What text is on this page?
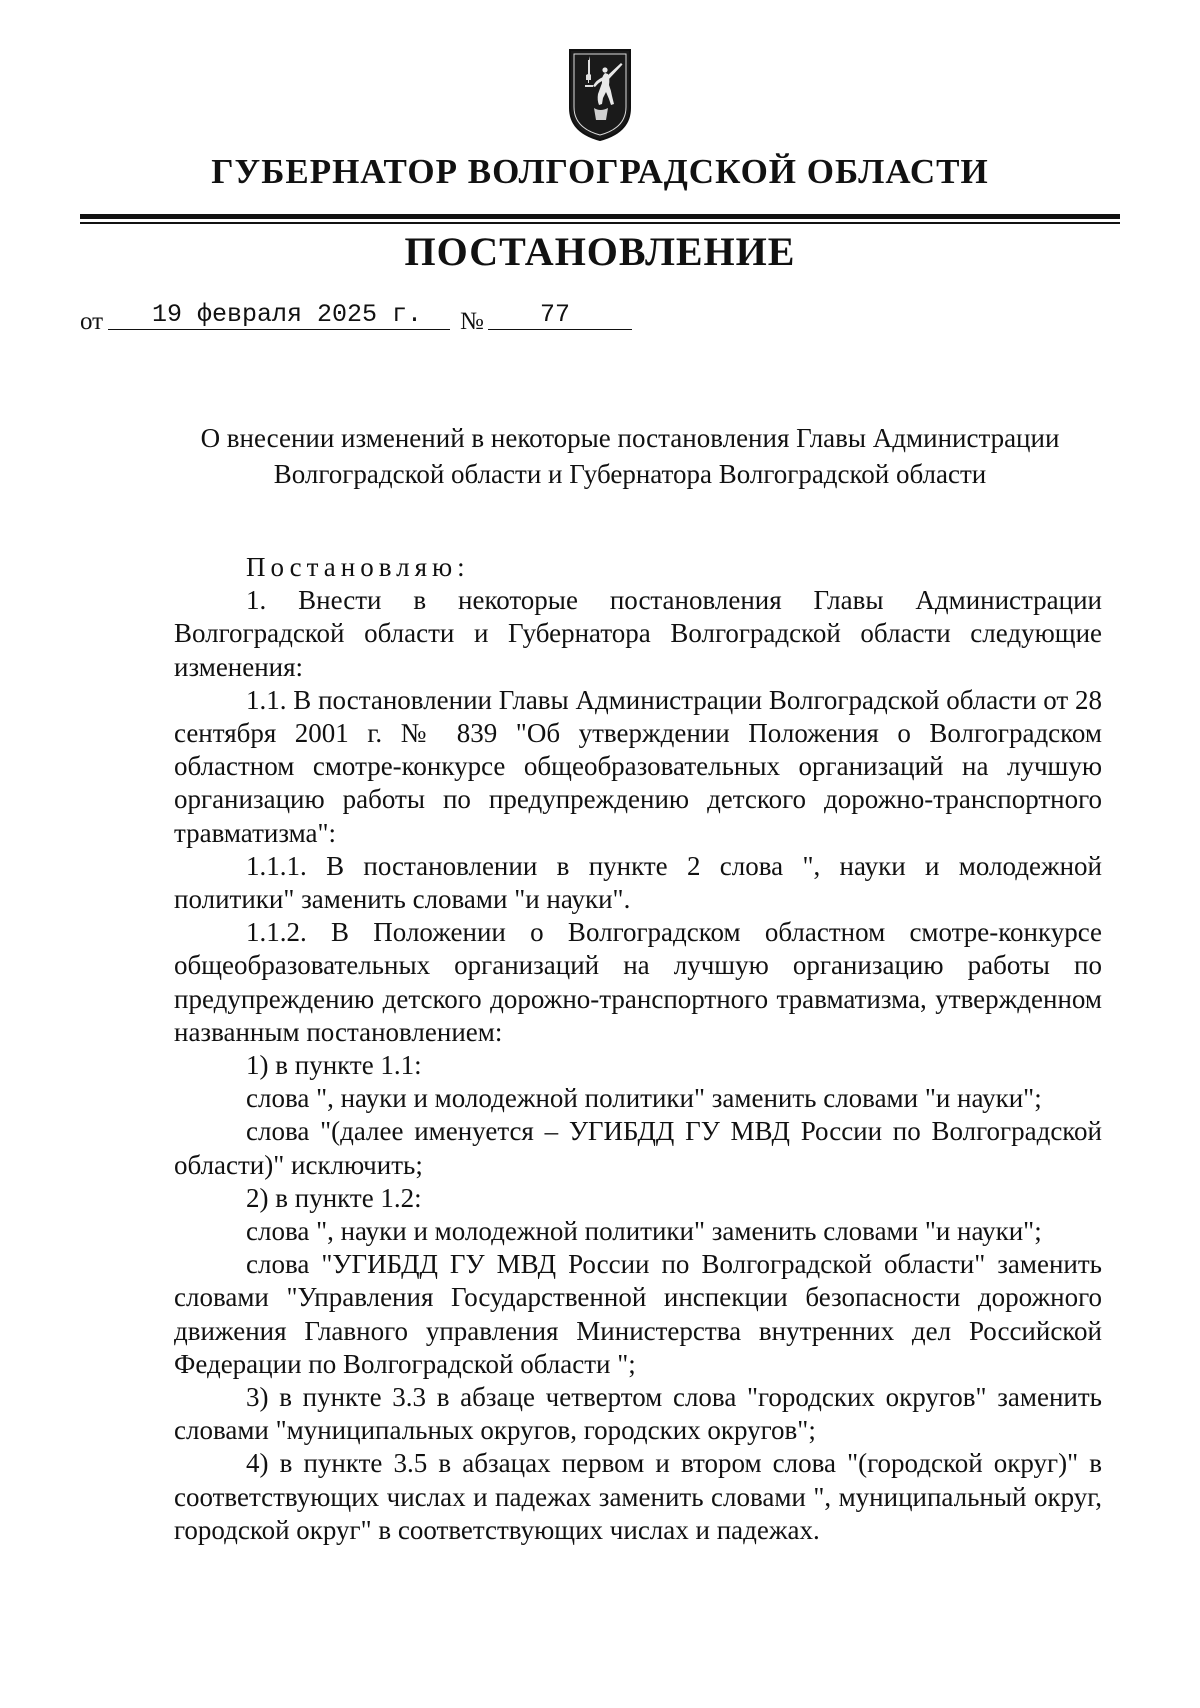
ГУБЕРНАТОР ВОЛГОГРАДСКОЙ ОБЛАСТИ
ПОСТАНОВЛЕНИЕ
от	19 февраля 2025 г.	№	77
О внесении изменений в некоторые постановления Главы Администрации
Волгоградской области и Губернатора Волгоградской области

Постановляю:

1. Внести в некоторые постановления Главы Администрации Волгоградской области и Губернатора Волгоградской области следующие изменения:

1.1. В постановлении Главы Администрации Волгоградской области от 28 сентября 2001 г. № 839 "Об утверждении Положения о Волгоградском областном смотре-конкурсе общеобразовательных организаций на лучшую организацию работы по предупреждению детского дорожно-транспортного травматизма":

1.1.1. В постановлении в пункте 2 слова ", науки и молодежной политики" заменить словами "и науки".

1.1.2. В Положении о Волгоградском областном смотре-конкурсе общеобразовательных организаций на лучшую организацию работы по предупреждению детского дорожно-транспортного травматизма, утвержденном названным постановлением:

1) в пункте 1.1:

слова ", науки и молодежной политики" заменить словами "и науки";

слова "(далее именуется – УГИБДД ГУ МВД России по Волгоградской области)" исключить;

2) в пункте 1.2:

слова ", науки и молодежной политики" заменить словами "и науки";

слова "УГИБДД ГУ МВД России по Волгоградской области" заменить словами "Управления Государственной инспекции безопасности дорожного движения Главного управления Министерства внутренних дел Российской Федерации по Волгоградской области ";

3) в пункте 3.3 в абзаце четвертом слова "городских округов" заменить словами "муниципальных округов, городских округов";

4) в пункте 3.5 в абзацах первом и втором слова "(городской округ)" в соответствующих числах и падежах заменить словами ", муниципальный округ, городской округ" в соответствующих числах и падежах.
